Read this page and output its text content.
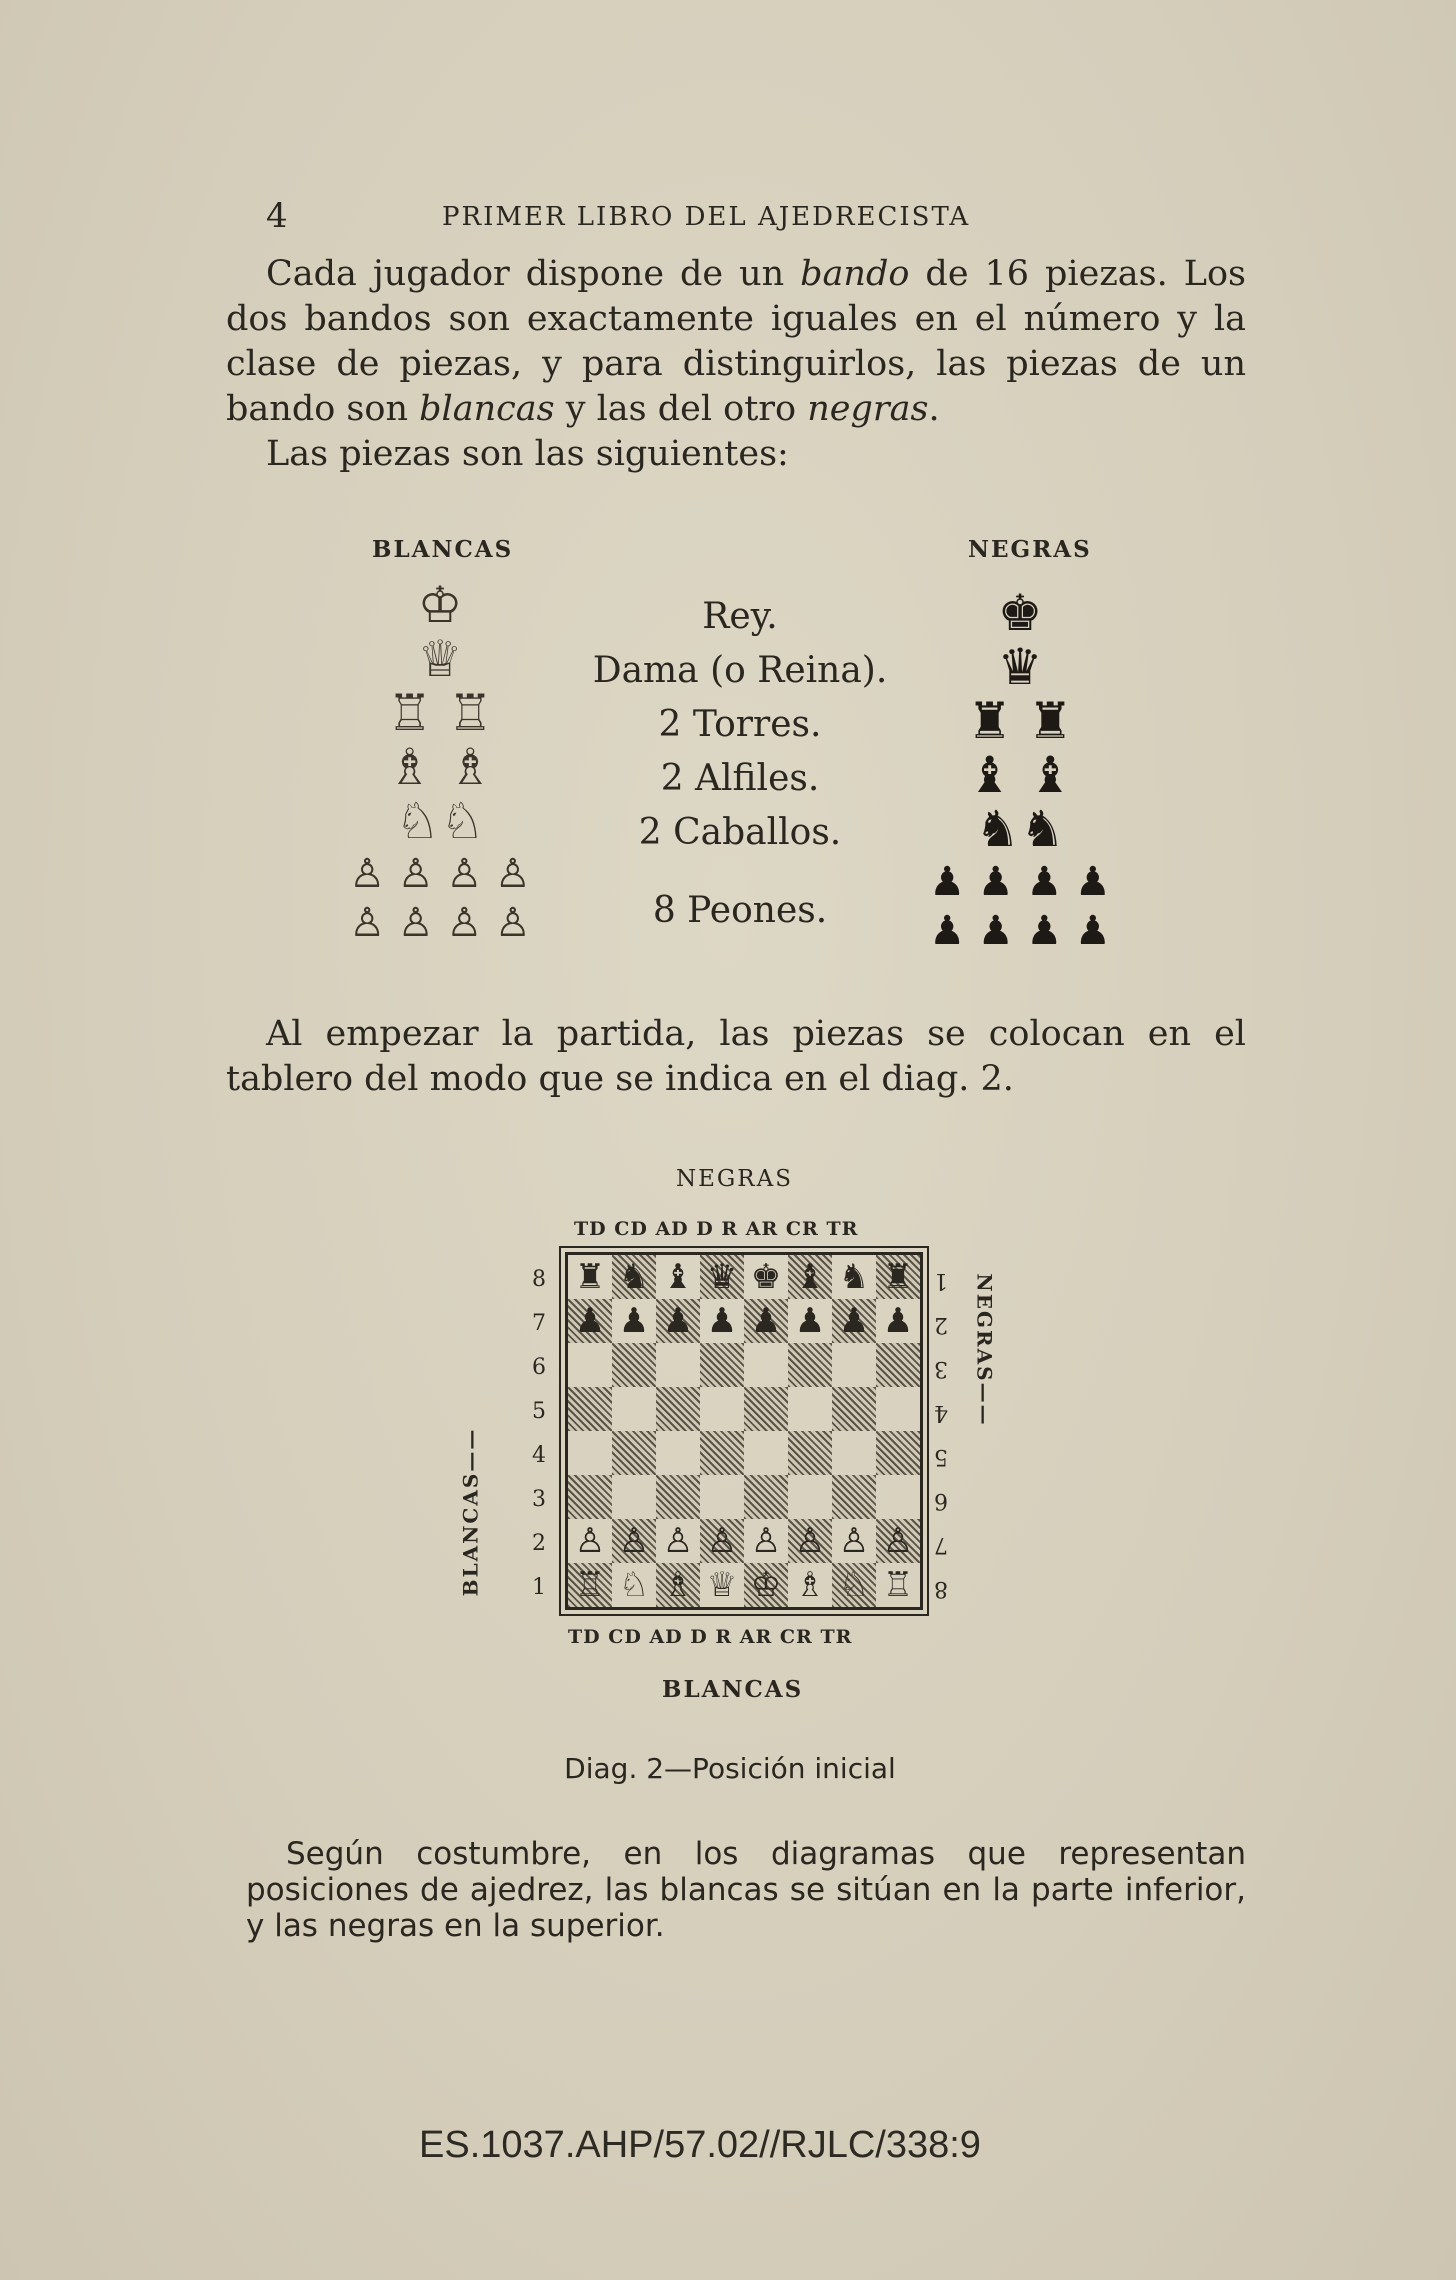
4	PRIMER LIBRO DEL AJEDRECISTA
Cada jugador dispone de un bando de 16 piezas. Los dos bandos son exactamente iguales en el número y la clase de piezas, y para distinguirlos, las piezas de un bando son blancas y las del otro negras.
Las piezas son las siguientes:
BLANCAS	NEGRAS
♔
♕
♖ ♖
♗ ♗
♘♘
♙ ♙ ♙ ♙
♙ ♙ ♙ ♙
Rey.
Dama (o Reina).
2 Torres.
2 Alfiles.
2 Caballos.
8 Peones.
♚
♛
♜ ♜
♝ ♝
♞♞
♟ ♟ ♟ ♟
♟ ♟ ♟ ♟
Al empezar la partida, las piezas se colocan en el tablero del modo que se indica en el diag. 2.
NEGRAS
TD CD AD D R AR CR TR
8
7
6
5
4
3
2
1
BLANCAS——
♜ ♞ ♝ ♛ ♚ ♝ ♞ ♜
♟ ♟ ♟ ♟ ♟ ♟ ♟ ♟
♙ ♙ ♙ ♙ ♙ ♙ ♙ ♙
♖ ♘ ♗ ♕ ♔ ♗ ♘ ♖ 8
7
6
5
4
3
2
1 NEGRAS——
TD CD AD D R AR CR TR
BLANCAS
Diag. 2—Posición inicial
Según costumbre, en los diagramas que representan posiciones de ajedrez, las blancas se sitúan en la parte inferior, y las negras en la superior.
ES.1037.AHP/57.02//RJLC/338:9
